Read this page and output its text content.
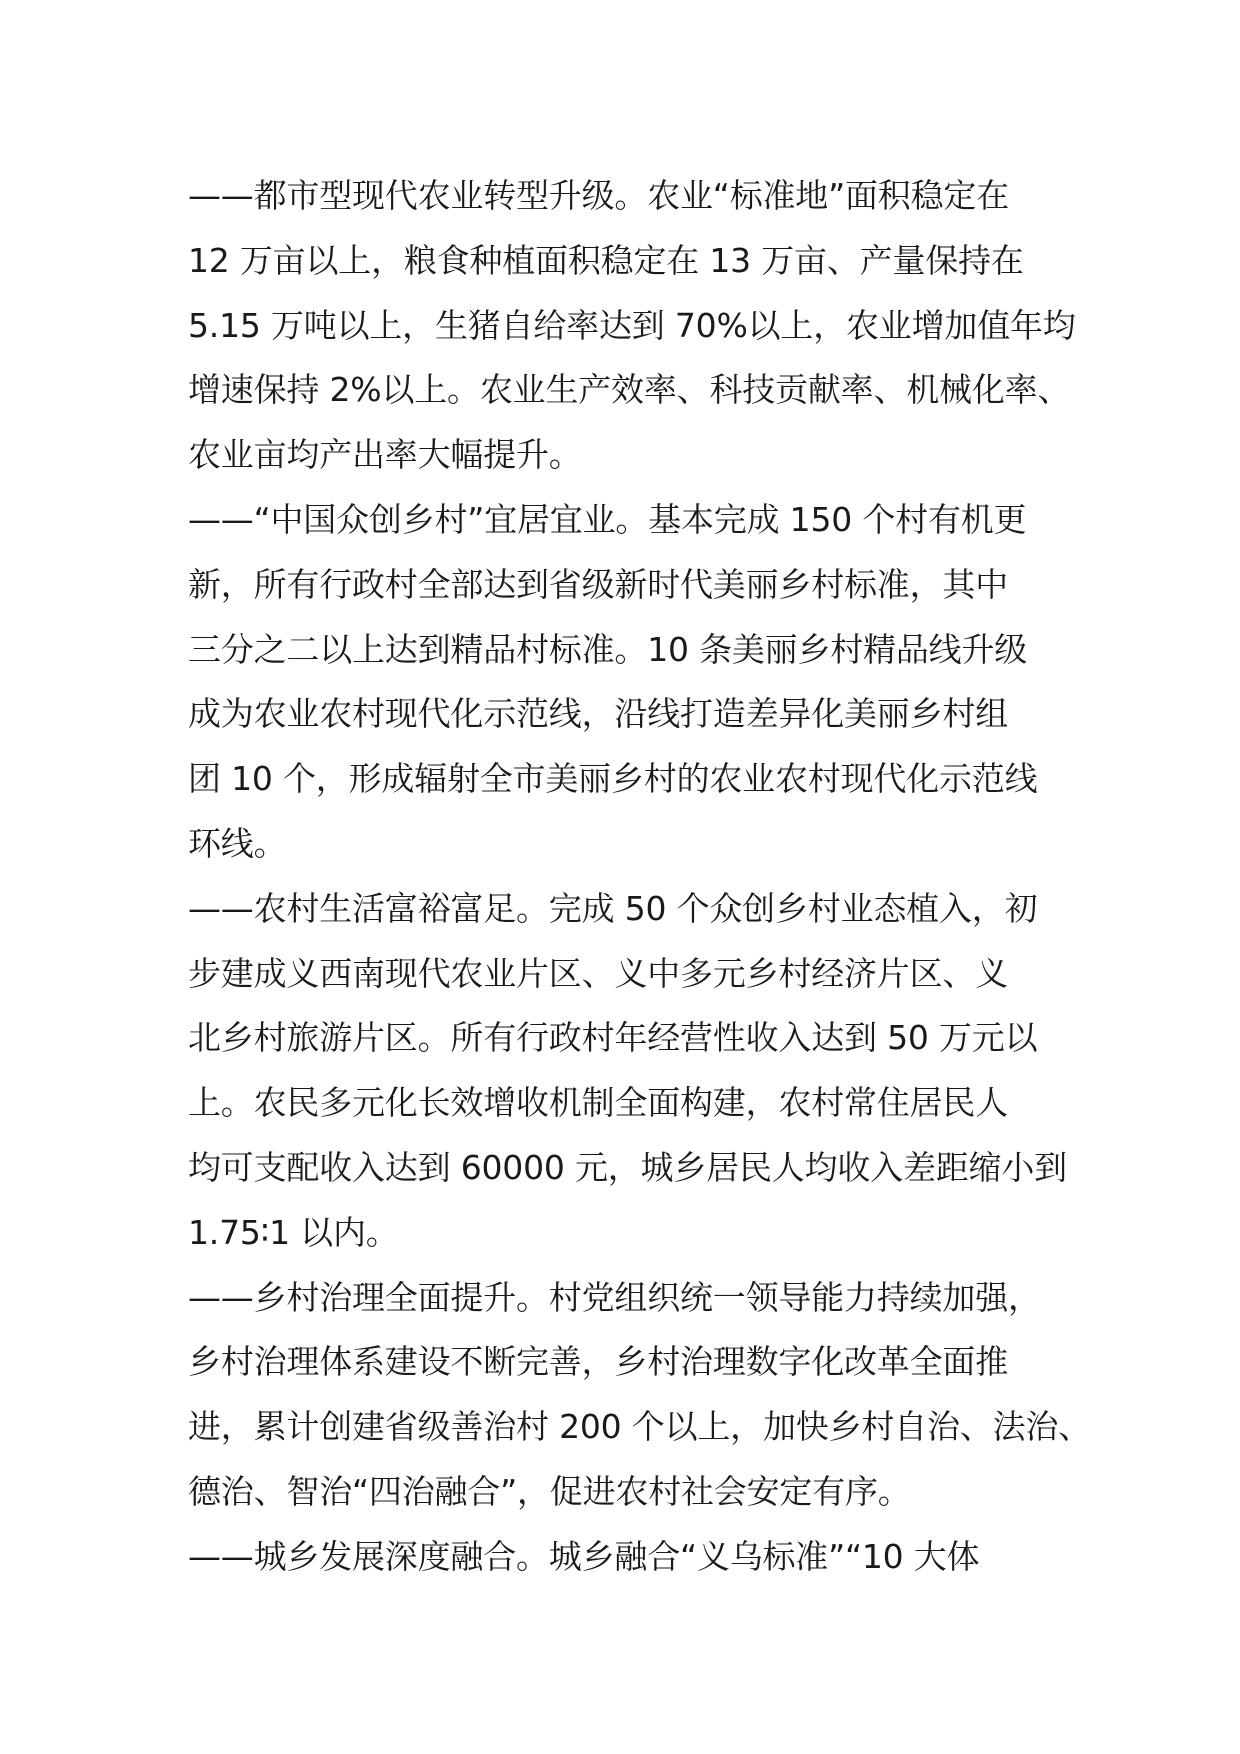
——都市型现代农业转型升级。农业“标准地”面积稳定在
12 万亩以上，粮食种植面积稳定在 13 万亩、产量保持在
5.15 万吨以上，生猪自给率达到 70%以上，农业增加值年均
增速保持 2%以上。农业生产效率、科技贡献率、机械化率、
农业亩均产出率大幅提升。
——“中国众创乡村”宜居宜业。基本完成 150 个村有机更
新，所有行政村全部达到省级新时代美丽乡村标准，其中
三分之二以上达到精品村标准。10 条美丽乡村精品线升级
成为农业农村现代化示范线，沿线打造差异化美丽乡村组
团 10 个，形成辐射全市美丽乡村的农业农村现代化示范线
环线。
——农村生活富裕富足。完成 50 个众创乡村业态植入，初
步建成义西南现代农业片区、义中多元乡村经济片区、义
北乡村旅游片区。所有行政村年经营性收入达到 50 万元以
上。农民多元化长效增收机制全面构建，农村常住居民人
均可支配收入达到 60000 元，城乡居民人均收入差距缩小到
1.75∶1 以内。
——乡村治理全面提升。村党组织统一领导能力持续加强，
乡村治理体系建设不断完善，乡村治理数字化改革全面推
进，累计创建省级善治村 200 个以上，加快乡村自治、法治、
德治、智治“四治融合”，促进农村社会安定有序。
——城乡发展深度融合。城乡融合“义乌标准”“10 大体
